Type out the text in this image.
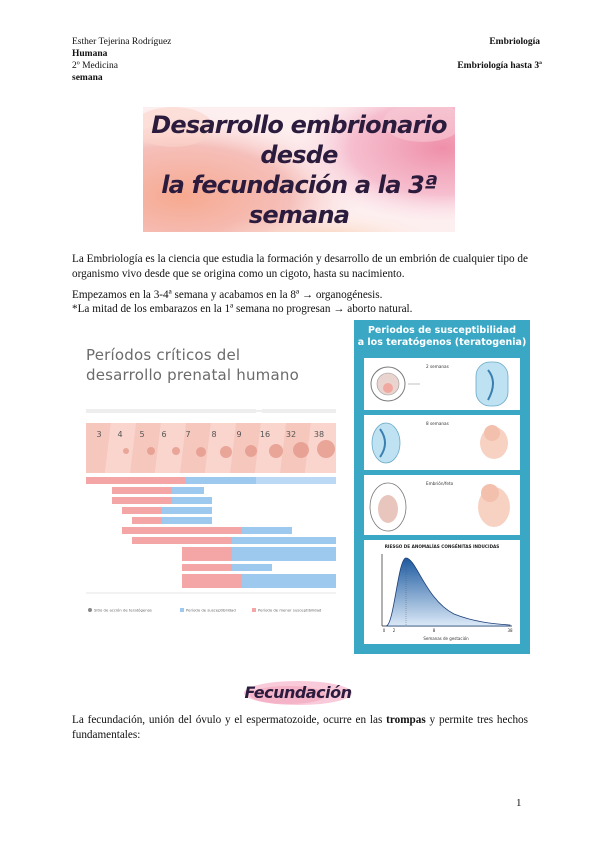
Esther Tejerina Rodríguez
Humana
2º Medicina
semana
Embriología
Embriología hasta 3ª
Desarrollo embrionario desde
la fecundación a la 3ª semana

La Embriología es la ciencia que estudia la formación y desarrollo de un embrión de cualquier tipo de organismo vivo desde que se origina como un cigoto, hasta su nacimiento.

Empezamos en la 3-4ª semana y acabamos en la 8ª → organogénesis.

*La mitad de los embarazos en la 1ª semana no progresan → aborto natural.

Períodos críticos del
desarrollo prenatal humano
3 4 5 6 7	8 9 16 32 38
Sitio de acción de teratógenos	Período de susceptibilidad	Período de menor susceptibilidad
Periodos de susceptibilidad
a los teratógenos (teratogenia)
2 semanas
8 semanas
Embrión/feto
RIESGO DE ANOMALÍAS CONGÉNITAS INDUCIDAS
0 2	8	38
Semanas de gestación
Fecundación

La fecundación, unión del óvulo y el espermatozoide, ocurre en las trompas y permite tres hechos fundamentales:

1
